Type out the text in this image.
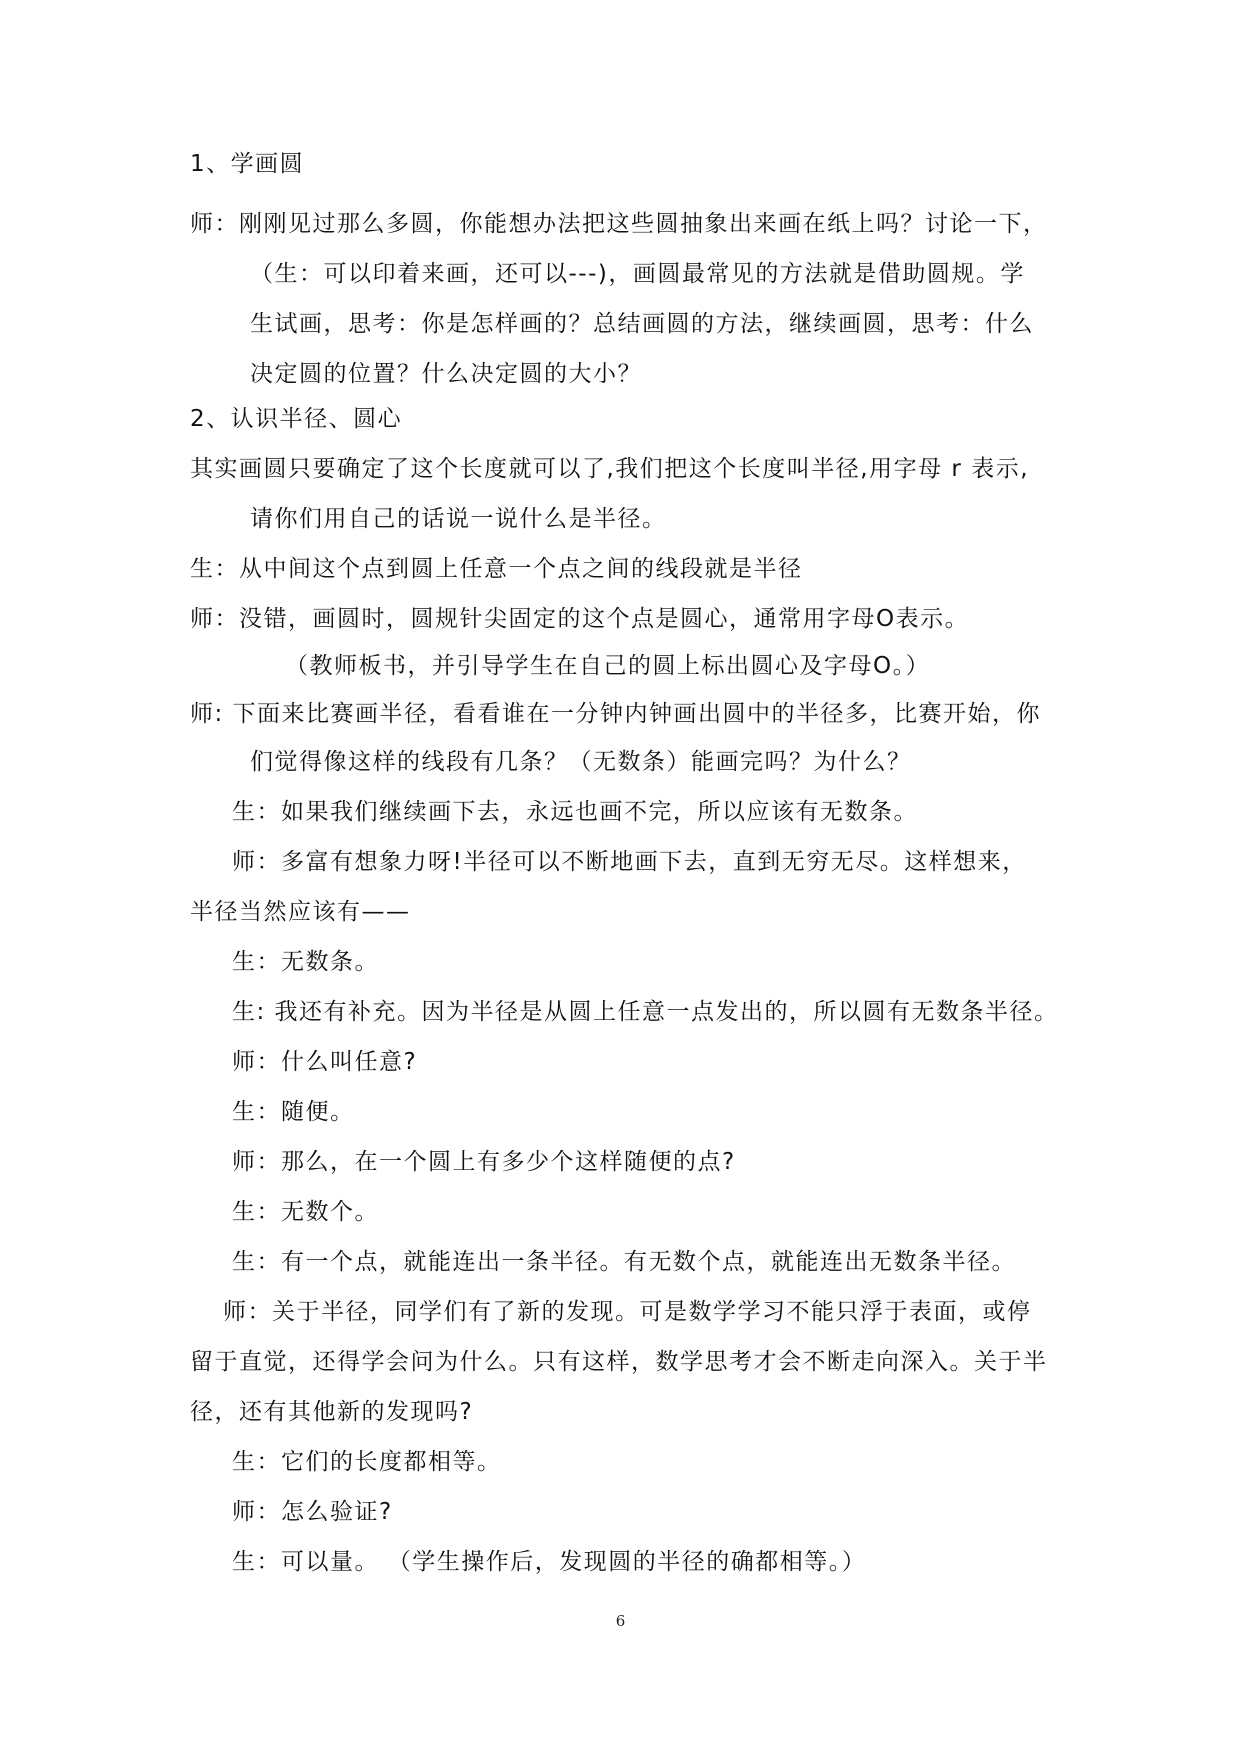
1、学画圆
师：刚刚见过那么多圆，你能想办法把这些圆抽象出来画在纸上吗？讨论一下，
（生：可以印着来画，还可以---)，画圆最常见的方法就是借助圆规。学
生试画，思考：你是怎样画的？总结画圆的方法，继续画圆，思考：什么
决定圆的位置？什么决定圆的大小？
2、认识半径、圆心
其实画圆只要确定了这个长度就可以了,我们把这个长度叫半径,用字母 r 表示,
请你们用自己的话说一说什么是半径。
生：从中间这个点到圆上任意一个点之间的线段就是半径
师：没错，画圆时，圆规针尖固定的这个点是圆心，通常用字母O表示。
（教师板书，并引导学生在自己的圆上标出圆心及字母O。）
师: 下面来比赛画半径，看看谁在一分钟内钟画出圆中的半径多，比赛开始，你
们觉得像这样的线段有几条？（无数条）能画完吗？为什么？
生：如果我们继续画下去，永远也画不完，所以应该有无数条。
师：多富有想象力呀!半径可以不断地画下去，直到无穷无尽。这样想来，
半径当然应该有——
生：无数条。
生: 我还有补充。因为半径是从圆上任意一点发出的，所以圆有无数条半径。
师：什么叫任意?
生：随便。
师：那么，在一个圆上有多少个这样随便的点?
生：无数个。
生：有一个点，就能连出一条半径。有无数个点，就能连出无数条半径。
师：关于半径，同学们有了新的发现。可是数学学习不能只浮于表面，或停
留于直觉，还得学会问为什么。只有这样，数学思考才会不断走向深入。关于半
径，还有其他新的发现吗?
生：它们的长度都相等。
师：怎么验证?
生：可以量。 （学生操作后，发现圆的半径的确都相等。）
6
